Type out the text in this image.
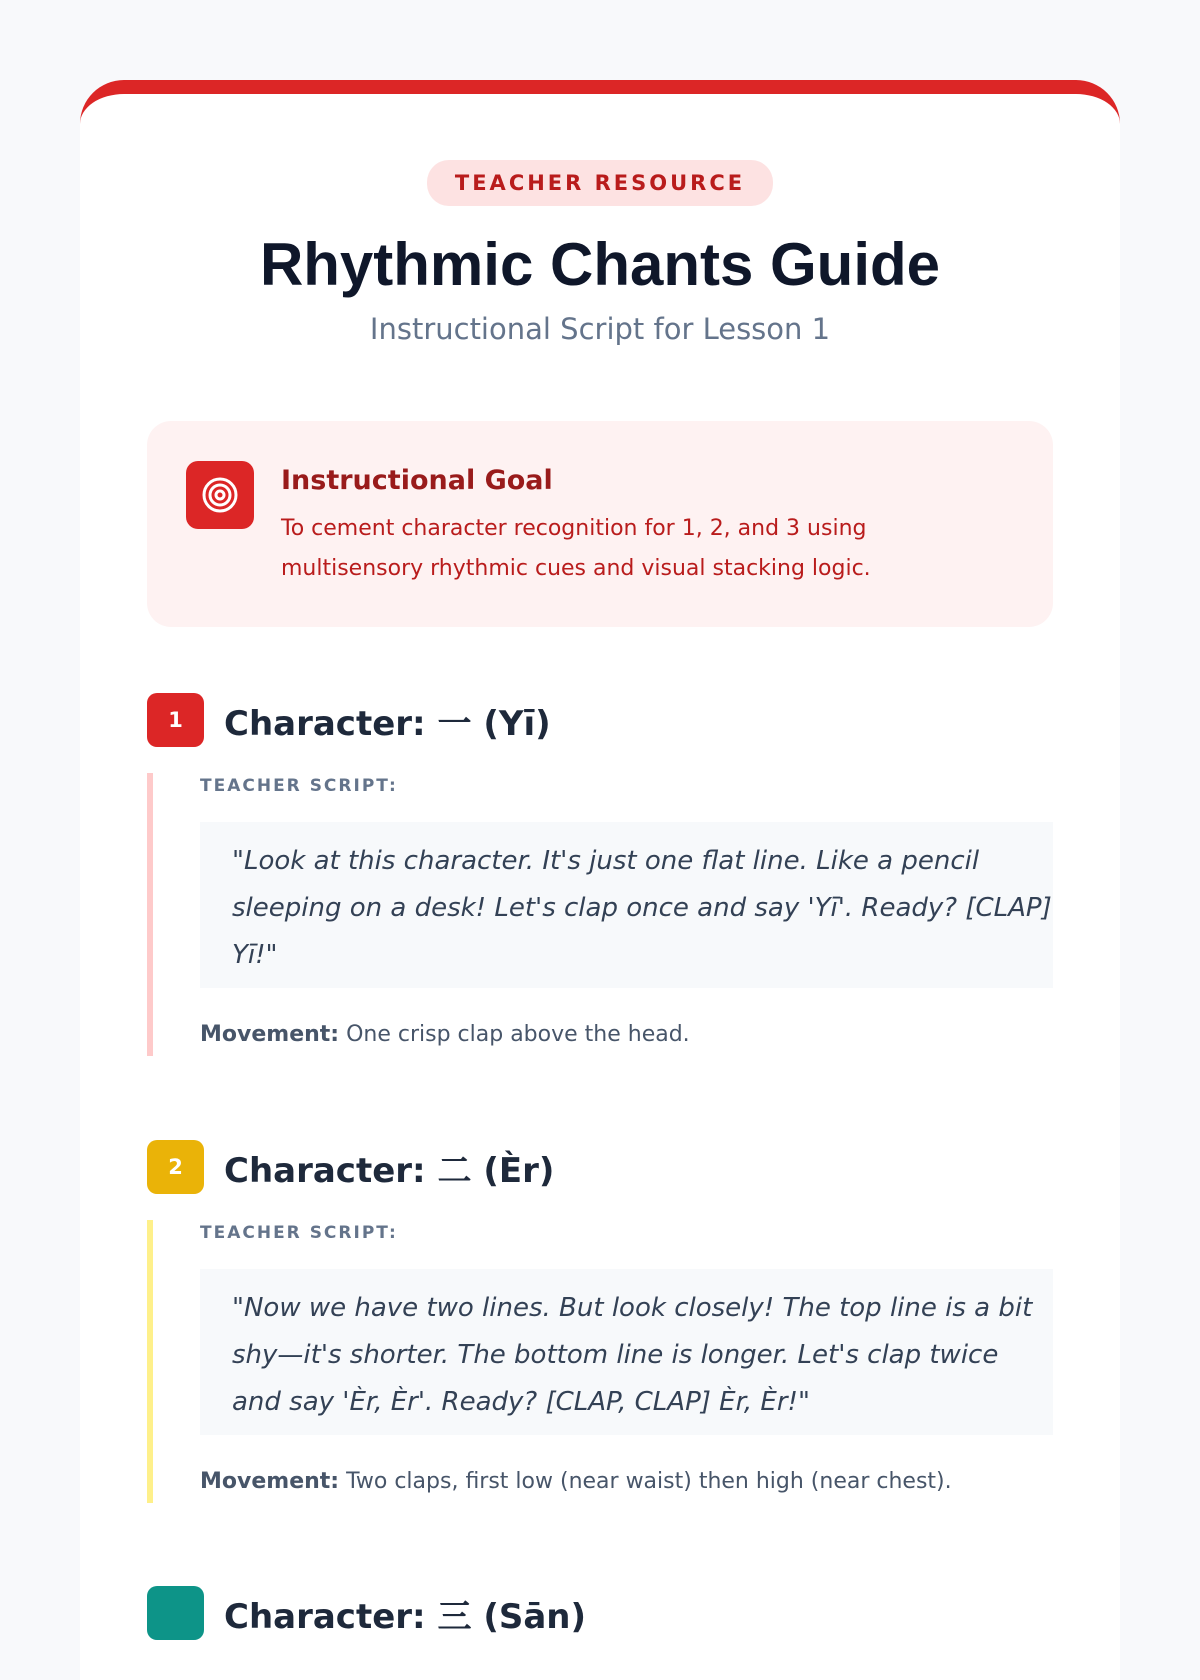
TEACHER RESOURCE
Rhythmic Chants Guide
Instructional Script for Lesson 1
Instructional Goal
To cement character recognition for 1, 2, and 3 using multisensory rhythmic cues and visual stacking logic.
1	Character: 一 (Yī)
TEACHER SCRIPT:
"Look at this character. It's just one flat line. Like a pencil sleeping on a desk! Let's clap once and say 'Yī'. Ready? [CLAP] Yī!"
Movement: One crisp clap above the head.
2	Character: 二 (Èr)
TEACHER SCRIPT:
"Now we have two lines. But look closely! The top line is a bit shy—it's shorter. The bottom line is longer. Let's clap twice and say 'Èr, Èr'. Ready? [CLAP, CLAP] Èr, Èr!"
Movement: Two claps, first low (near waist) then high (near chest).
Character: 三 (Sān)
